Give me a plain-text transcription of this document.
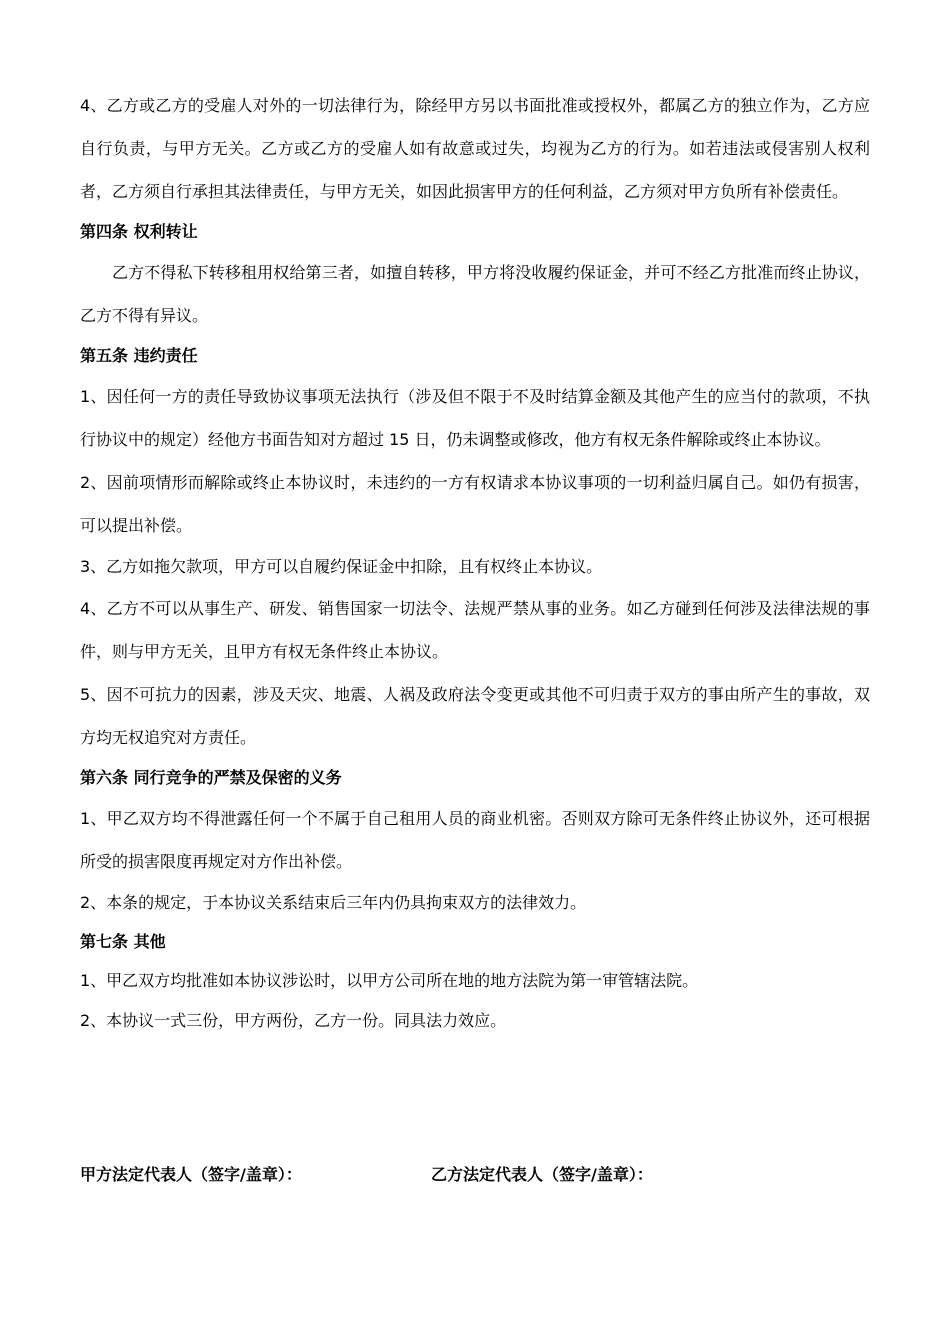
4、乙方或乙方的受雇人对外的一切法律行为，除经甲方另以书面批准或授权外，都属乙方的独立作为，乙方应自行负责，与甲方无关。乙方或乙方的受雇人如有故意或过失，均视为乙方的行为。如若违法或侵害别人权利者，乙方须自行承担其法律责任，与甲方无关，如因此损害甲方的任何利益，乙方须对甲方负所有补偿责任。

第四条 权利转让

乙方不得私下转移租用权给第三者，如擅自转移，甲方将没收履约保证金，并可不经乙方批准而终止协议，乙方不得有异议。

第五条 违约责任

1、因任何一方的责任导致协议事项无法执行（涉及但不限于不及时结算金额及其他产生的应当付的款项，不执行协议中的规定）经他方书面告知对方超过 15 日，仍未调整或修改，他方有权无条件解除或终止本协议。

2、因前项情形而解除或终止本协议时，未违约的一方有权请求本协议事项的一切利益归属自己。如仍有损害，可以提出补偿。

3、乙方如拖欠款项，甲方可以自履约保证金中扣除，且有权终止本协议。

4、乙方不可以从事生产、研发、销售国家一切法令、法规严禁从事的业务。如乙方碰到任何涉及法律法规的事件，则与甲方无关，且甲方有权无条件终止本协议。

5、因不可抗力的因素，涉及天灾、地震、人祸及政府法令变更或其他不可归责于双方的事由所产生的事故，双方均无权追究对方责任。

第六条 同行竞争的严禁及保密的义务

1、甲乙双方均不得泄露任何一个不属于自己租用人员的商业机密。否则双方除可无条件终止协议外，还可根据所受的损害限度再规定对方作出补偿。

2、本条的规定，于本协议关系结束后三年内仍具拘束双方的法律效力。

第七条 其他

1、甲乙双方均批准如本协议涉讼时，以甲方公司所在地的地方法院为第一审管辖法院。

2、本协议一式三份，甲方两份，乙方一份。同具法力效应。

甲方法定代表人（签字/盖章）：	乙方法定代表人（签字/盖章）：
